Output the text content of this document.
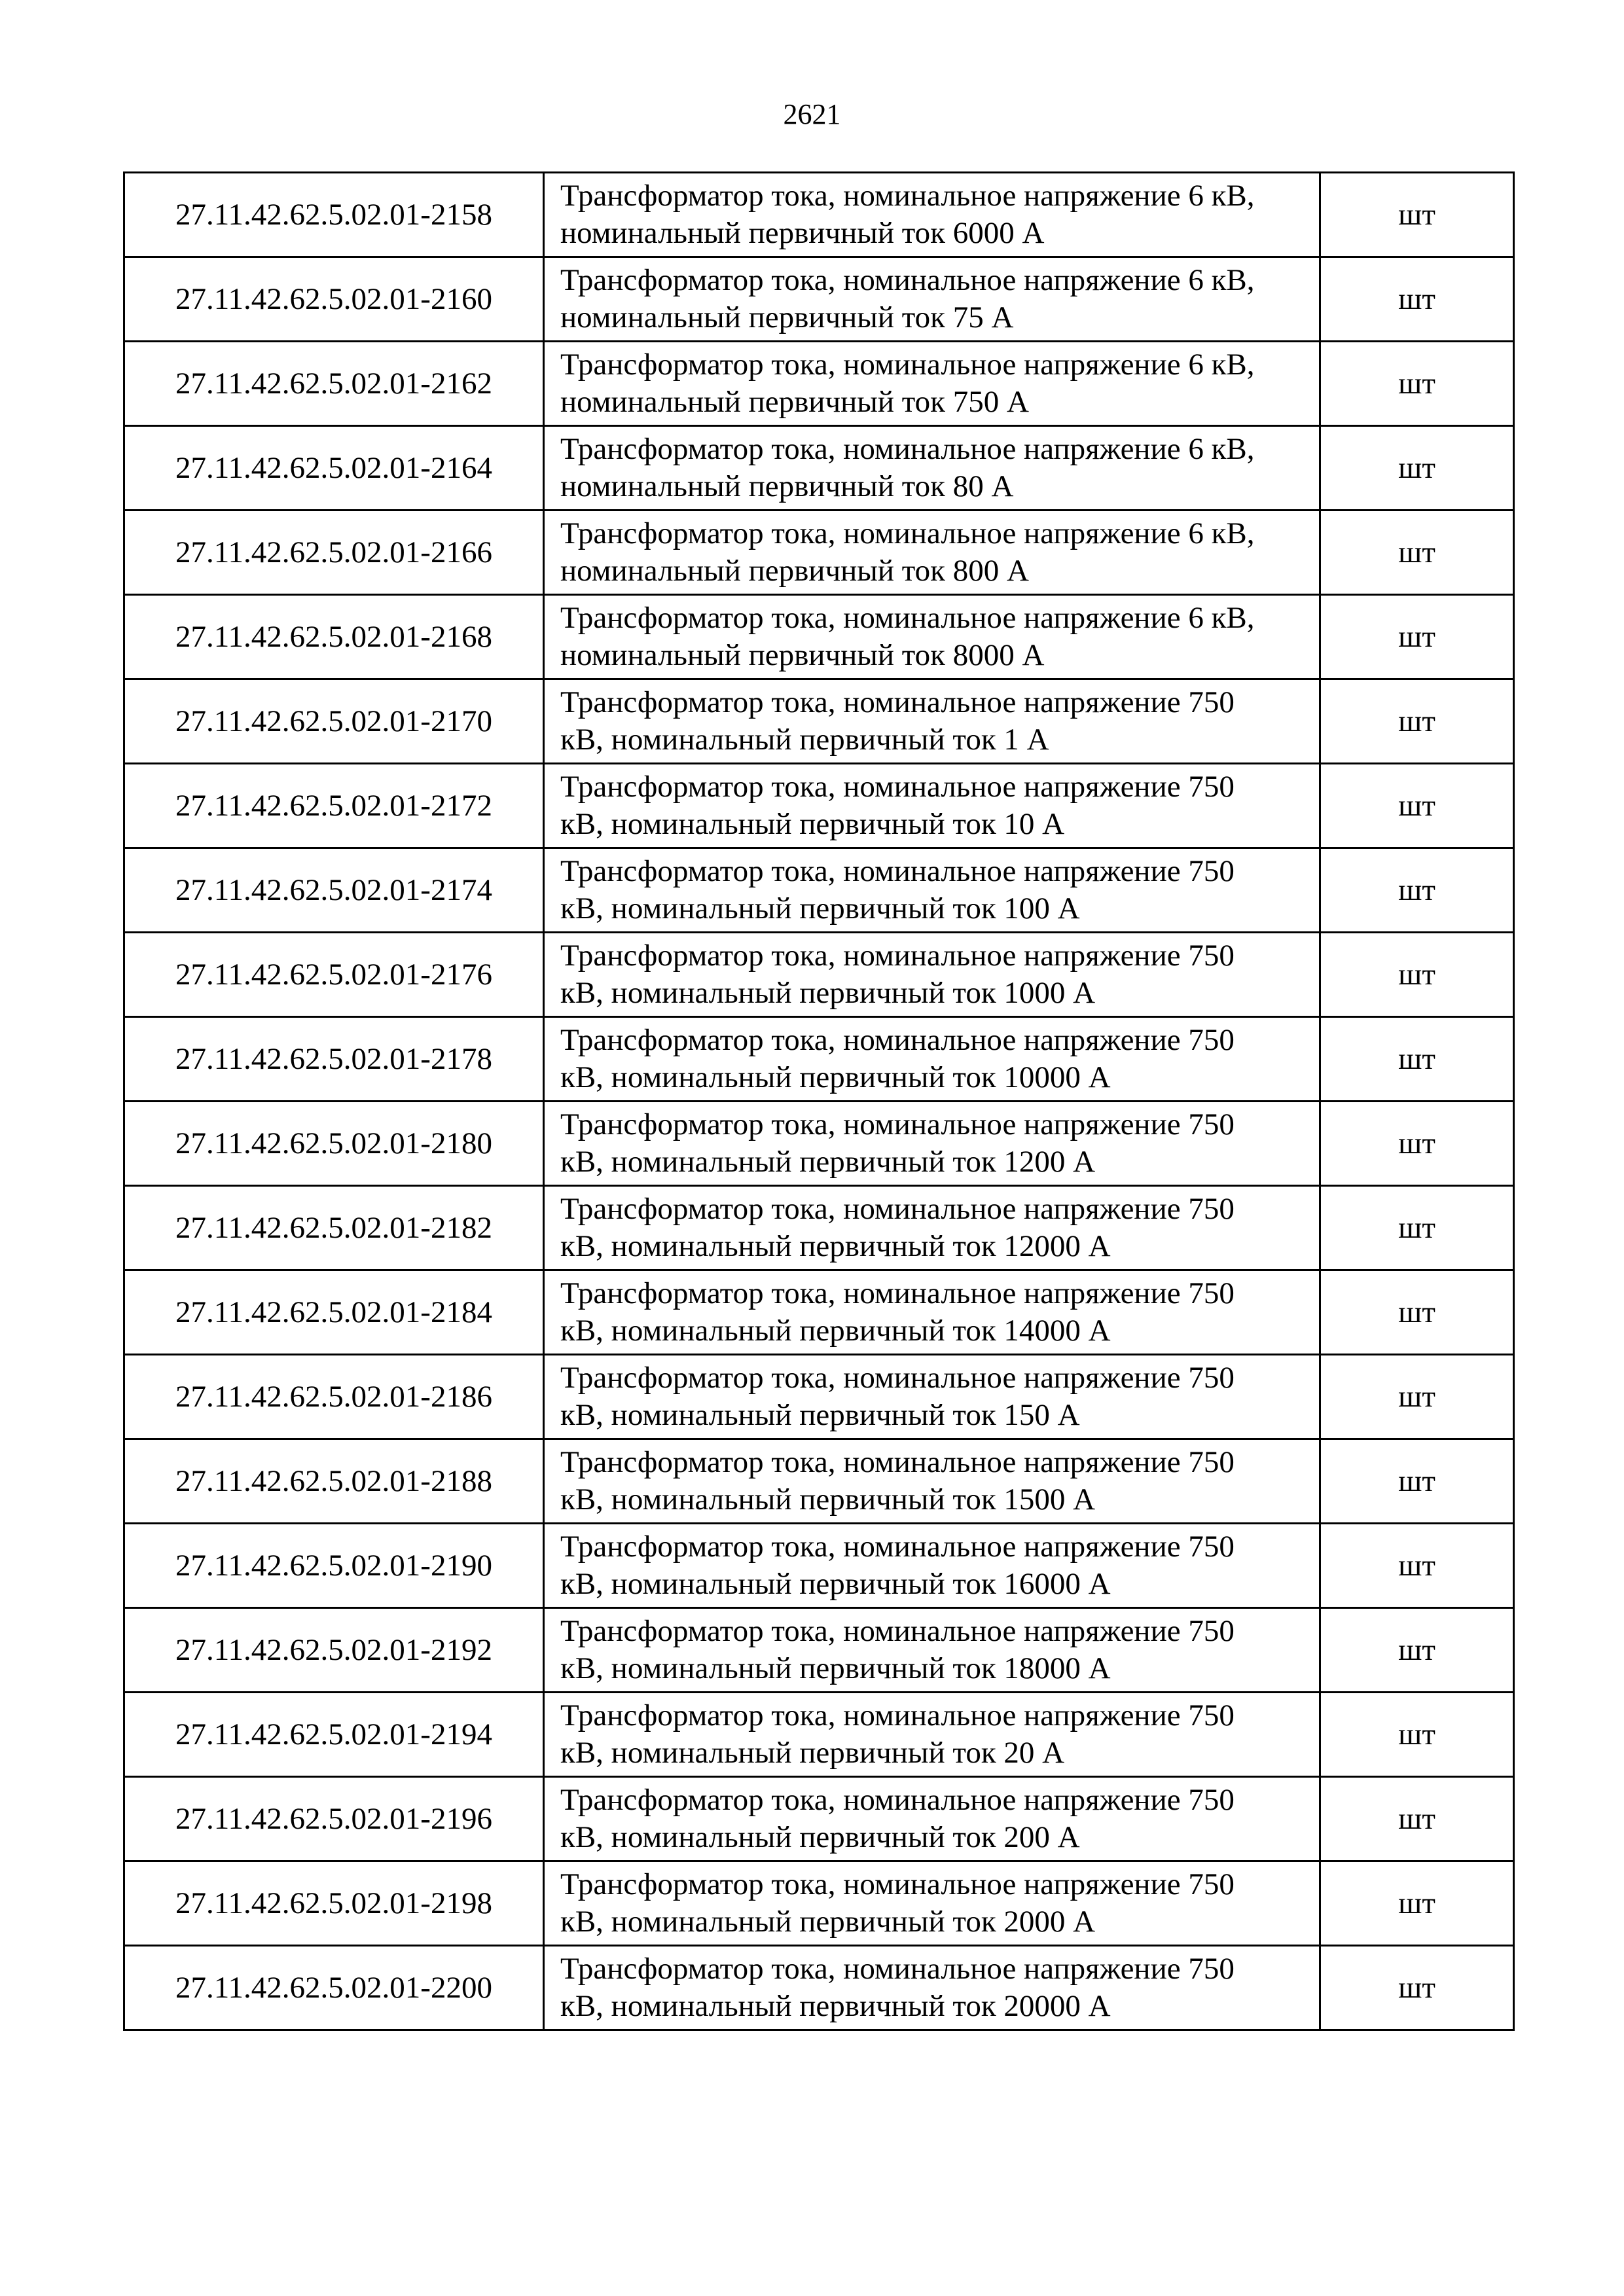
2621
27.11.42.62.5.02.01-2158	Трансформатор тока, номинальное напряжение 6 кВ,
номинальный первичный ток 6000 А	шт
27.11.42.62.5.02.01-2160	Трансформатор тока, номинальное напряжение 6 кВ,
номинальный первичный ток 75 А	шт
27.11.42.62.5.02.01-2162	Трансформатор тока, номинальное напряжение 6 кВ,
номинальный первичный ток 750 А	шт
27.11.42.62.5.02.01-2164	Трансформатор тока, номинальное напряжение 6 кВ,
номинальный первичный ток 80 А	шт
27.11.42.62.5.02.01-2166	Трансформатор тока, номинальное напряжение 6 кВ,
номинальный первичный ток 800 А	шт
27.11.42.62.5.02.01-2168	Трансформатор тока, номинальное напряжение 6 кВ,
номинальный первичный ток 8000 А	шт
27.11.42.62.5.02.01-2170	Трансформатор тока, номинальное напряжение 750
кВ, номинальный первичный ток 1 А	шт
27.11.42.62.5.02.01-2172	Трансформатор тока, номинальное напряжение 750
кВ, номинальный первичный ток 10 А	шт
27.11.42.62.5.02.01-2174	Трансформатор тока, номинальное напряжение 750
кВ, номинальный первичный ток 100 А	шт
27.11.42.62.5.02.01-2176	Трансформатор тока, номинальное напряжение 750
кВ, номинальный первичный ток 1000 А	шт
27.11.42.62.5.02.01-2178	Трансформатор тока, номинальное напряжение 750
кВ, номинальный первичный ток 10000 А	шт
27.11.42.62.5.02.01-2180	Трансформатор тока, номинальное напряжение 750
кВ, номинальный первичный ток 1200 А	шт
27.11.42.62.5.02.01-2182	Трансформатор тока, номинальное напряжение 750
кВ, номинальный первичный ток 12000 А	шт
27.11.42.62.5.02.01-2184	Трансформатор тока, номинальное напряжение 750
кВ, номинальный первичный ток 14000 А	шт
27.11.42.62.5.02.01-2186	Трансформатор тока, номинальное напряжение 750
кВ, номинальный первичный ток 150 А	шт
27.11.42.62.5.02.01-2188	Трансформатор тока, номинальное напряжение 750
кВ, номинальный первичный ток 1500 А	шт
27.11.42.62.5.02.01-2190	Трансформатор тока, номинальное напряжение 750
кВ, номинальный первичный ток 16000 А	шт
27.11.42.62.5.02.01-2192	Трансформатор тока, номинальное напряжение 750
кВ, номинальный первичный ток 18000 А	шт
27.11.42.62.5.02.01-2194	Трансформатор тока, номинальное напряжение 750
кВ, номинальный первичный ток 20 А	шт
27.11.42.62.5.02.01-2196	Трансформатор тока, номинальное напряжение 750
кВ, номинальный первичный ток 200 А	шт
27.11.42.62.5.02.01-2198	Трансформатор тока, номинальное напряжение 750
кВ, номинальный первичный ток 2000 А	шт
27.11.42.62.5.02.01-2200	Трансформатор тока, номинальное напряжение 750
кВ, номинальный первичный ток 20000 А	шт
